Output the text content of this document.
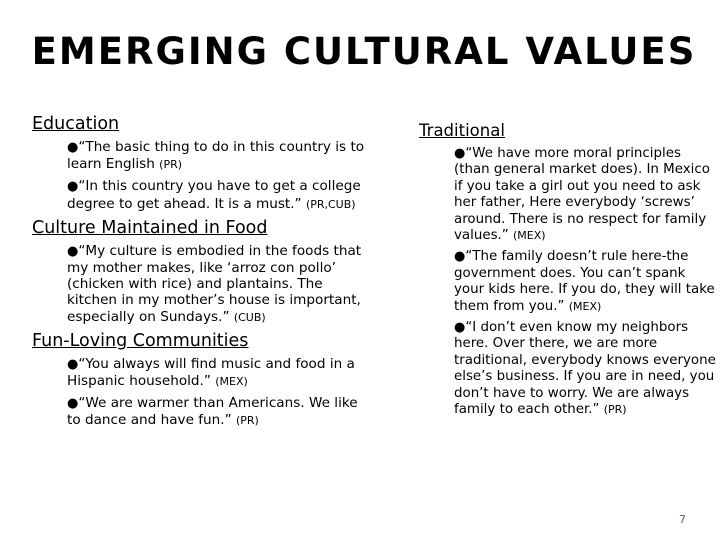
EMERGING CULTURAL VALUES
Education
●“The basic thing to do in this country is to learn English (PR)
●“In this country you have to get a college degree to get ahead. It is a must.” (PR,CUB)
Culture Maintained in Food
●“My culture is embodied in the foods that my mother makes, like ‘arroz con pollo’ (chicken with rice) and plantains. The kitchen in my mother’s house is important, especially on Sundays.” (CUB)
Fun-Loving Communities
●“You always will find music and food in a Hispanic household.” (MEX)
●“We are warmer than Americans. We like to dance and have fun.” (PR)
Traditional
●“We have more moral principles (than general market does). In Mexico if you take a girl out you need to ask her father, Here everybody ‘screws’ around. There is no respect for family values.” (MEX)
●“The family doesn’t rule here-the government does. You can’t spank your kids here. If you do, they will take them from you.” (MEX)
●“I don’t even know my neighbors here. Over there, we are more traditional, everybody knows everyone else’s business. If you are in need, you don’t have to worry. We are always family to each other.” (PR)
7
